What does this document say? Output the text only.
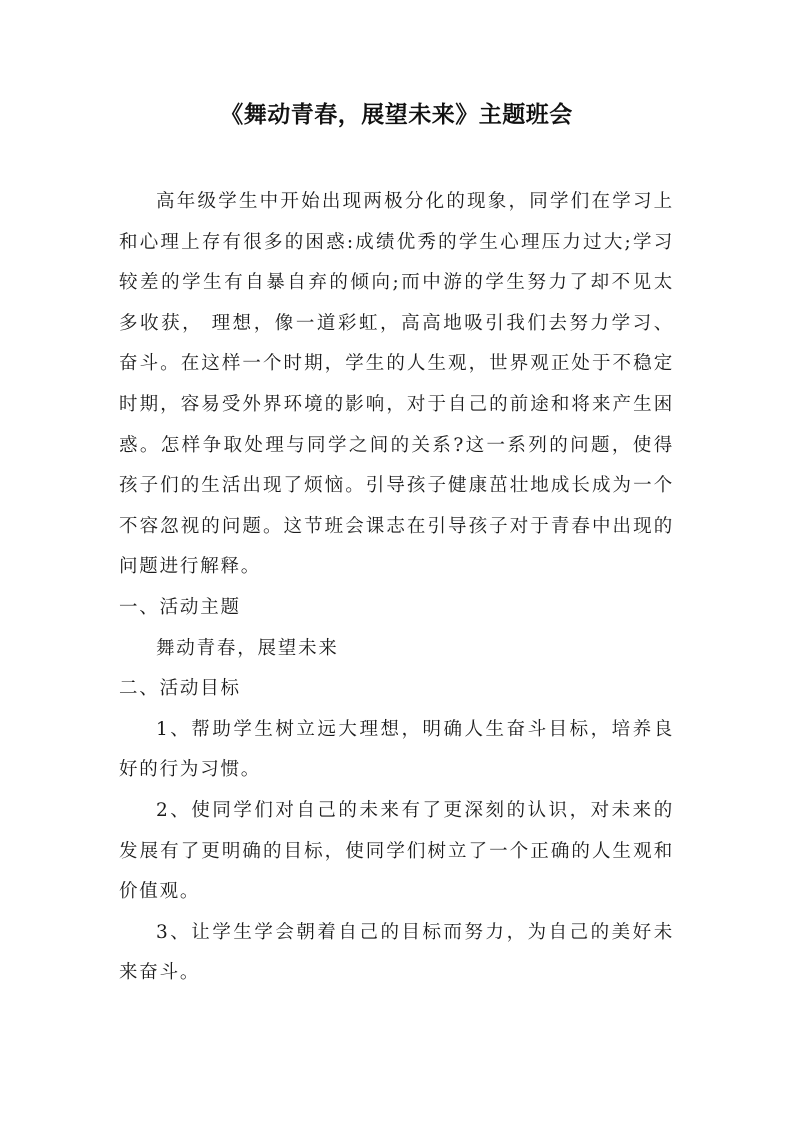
《舞动青春，展望未来》主题班会

高年级学生中开始出现两极分化的现象，同学们在学习上和心理上存有很多的困惑:成绩优秀的学生心理压力过大;学习较差的学生有自暴自弃的倾向;而中游的学生努力了却不见太多收获， 理想，像一道彩虹，高高地吸引我们去努力学习、奋斗。在这样一个时期，学生的人生观，世界观正处于不稳定时期，容易受外界环境的影响，对于自己的前途和将来产生困惑。怎样争取处理与同学之间的关系?这一系列的问题，使得孩子们的生活出现了烦恼。引导孩子健康茁壮地成长成为一个不容忽视的问题。这节班会课志在引导孩子对于青春中出现的问题进行解释。

一、活动主题

舞动青春，展望未来

二、活动目标

1、帮助学生树立远大理想，明确人生奋斗目标，培养良好的行为习惯。

2、使同学们对自己的未来有了更深刻的认识，对未来的发展有了更明确的目标，使同学们树立了一个正确的人生观和价值观。

3、让学生学会朝着自己的目标而努力，为自己的美好未来奋斗。
